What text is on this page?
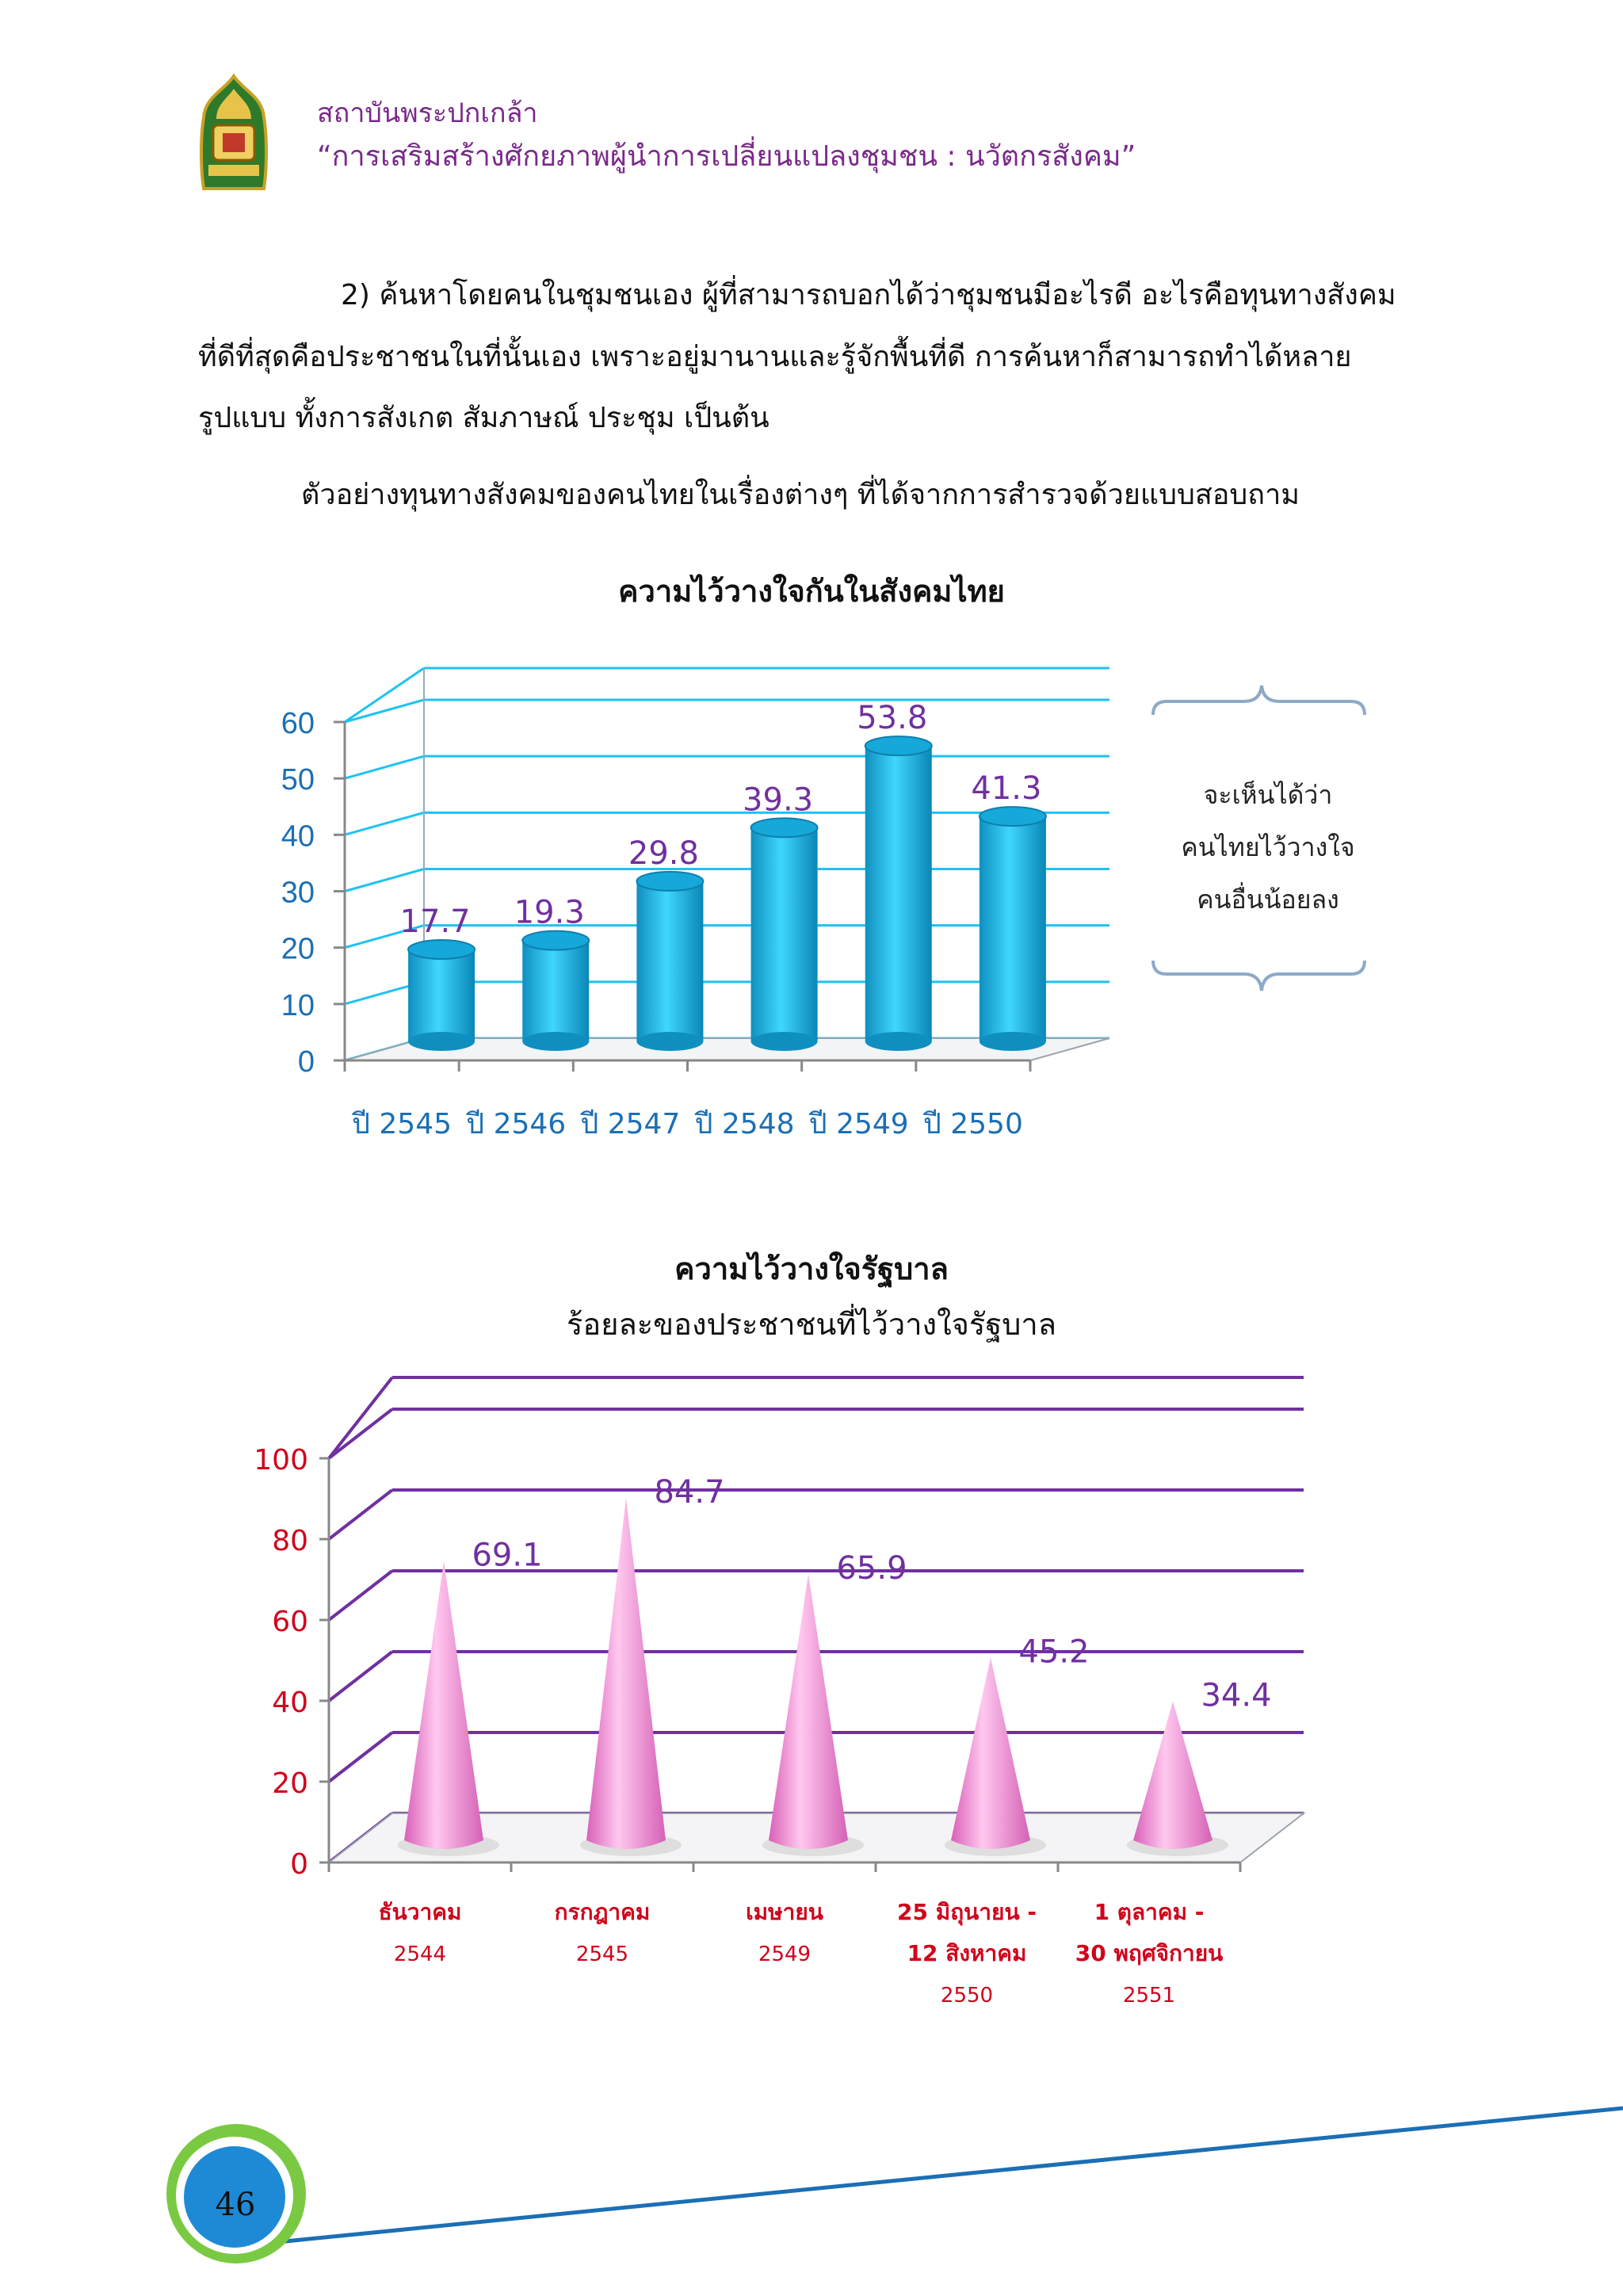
สถาบันพระปกเกล้า
“การเสริมสร้างศักยภาพผู้นำการเปลี่ยนแปลงชุมชน : นวัตกรสังคม”
2) ค้นหาโดยคนในชุมชนเอง ผู้ที่สามารถบอกได้ว่าชุมชนมีอะไรดี อะไรคือทุนทางสังคม
ที่ดีที่สุดคือประชาชนในที่นั้นเอง เพราะอยู่มานานและรู้จักพื้นที่ดี การค้นหาก็สามารถทำได้หลาย
รูปแบบ ทั้งการสังเกต สัมภาษณ์ ประชุม เป็นต้น
ตัวอย่างทุนทางสังคมของคนไทยในเรื่องต่างๆ ที่ได้จากการสำรวจด้วยแบบสอบถาม
ความไว้วางใจกันในสังคมไทย
0
10
20
30
40
50
60
17.7
ปี 2545
19.3
ปี 2546
29.8
ปี 2547
39.3
ปี 2548
53.8
ปี 2549
41.3
ปี 2550
จะเห็นได้ว่า
คนไทยไว้วางใจ
คนอื่นน้อยลง
ความไว้วางใจรัฐบาล
ร้อยละของประชาชนที่ไว้วางใจรัฐบาล
0
20
40
60
80
100
69.1
ธันวาคม
2544
84.7
กรกฎาคม
2545
65.9
เมษายน
2549
45.2
25 มิถุนายน -
12 สิงหาคม
2550
34.4
1 ตุลาคม -
30 พฤศจิกายน
2551
46
